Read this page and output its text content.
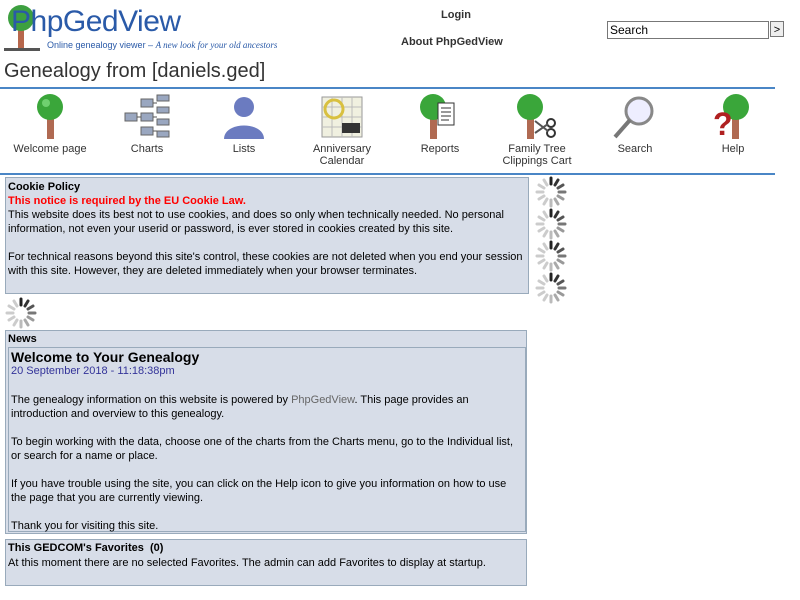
PhpGedView
Online genealogy viewer – A new look for your old ancestors
Login
About PhpGedView
Search
>
Genealogy from [daniels.ged]
Welcome page	Charts	Lists	Anniversary Calendar
Reports	Family Tree Clippings Cart
Search
?
Help

Cookie Policy

This notice is required by the EU Cookie Law.

This website does its best not to use cookies, and does so only when technically needed. No personal information, not even your userid or password, is ever stored in cookies created by this site.

For technical reasons beyond this site's control, these cookies are not deleted when you end your session with this site. However, they are deleted immediately when your browser terminates.

News
Welcome to Your Genealogy
20 September 2018 - 11:18:38pm
The genealogy information on this website is powered by PhpGedView. This page provides an introduction and overview to this genealogy.
To begin working with the data, choose one of the charts from the Charts menu, go to the Individual list, or search for a name or place.
If you have trouble using the site, you can click on the Help icon to give you information on how to use the page that you are currently viewing.
Thank you for visiting this site.
This GEDCOM's Favorites (0)
At this moment there are no selected Favorites. The admin can add Favorites to display at startup.
